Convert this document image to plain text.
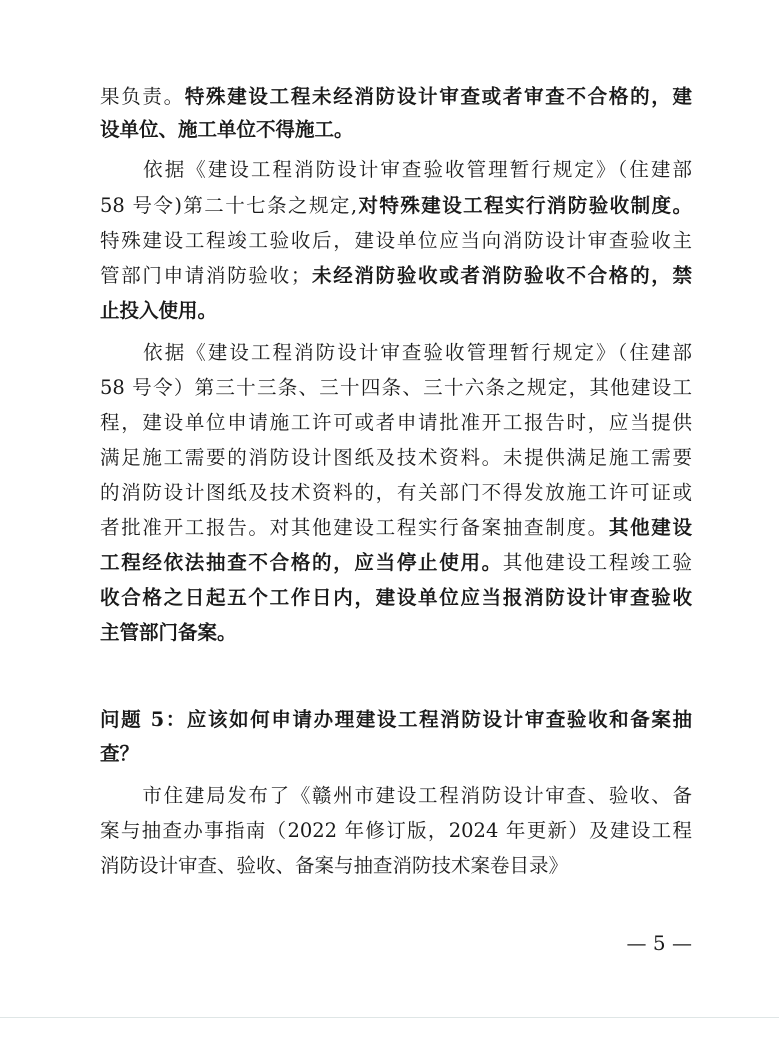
果负责。特殊建设工程未经消防设计审查或者审查不合格的，建
设单位、施工单位不得施工。
　　依据《建设工程消防设计审查验收管理暂行规定》（住建部
58 号令)第二十七条之规定,对特殊建设工程实行消防验收制度。
特殊建设工程竣工验收后，建设单位应当向消防设计审查验收主
管部门申请消防验收；未经消防验收或者消防验收不合格的，禁
止投入使用。
　　依据《建设工程消防设计审查验收管理暂行规定》（住建部
58 号令）第三十三条、三十四条、三十六条之规定，其他建设工
程，建设单位申请施工许可或者申请批准开工报告时，应当提供
满足施工需要的消防设计图纸及技术资料。未提供满足施工需要
的消防设计图纸及技术资料的，有关部门不得发放施工许可证或
者批准开工报告。对其他建设工程实行备案抽查制度。其他建设
工程经依法抽查不合格的，应当停止使用。其他建设工程竣工验
收合格之日起五个工作日内，建设单位应当报消防设计审查验收
主管部门备案。
问题 5：应该如何申请办理建设工程消防设计审查验收和备案抽
查？
　　市住建局发布了《赣州市建设工程消防设计审查、验收、备
案与抽查办事指南（2022 年修订版，2024 年更新）及建设工程
消防设计审查、验收、备案与抽查消防技术案卷目录》
— 5 —
